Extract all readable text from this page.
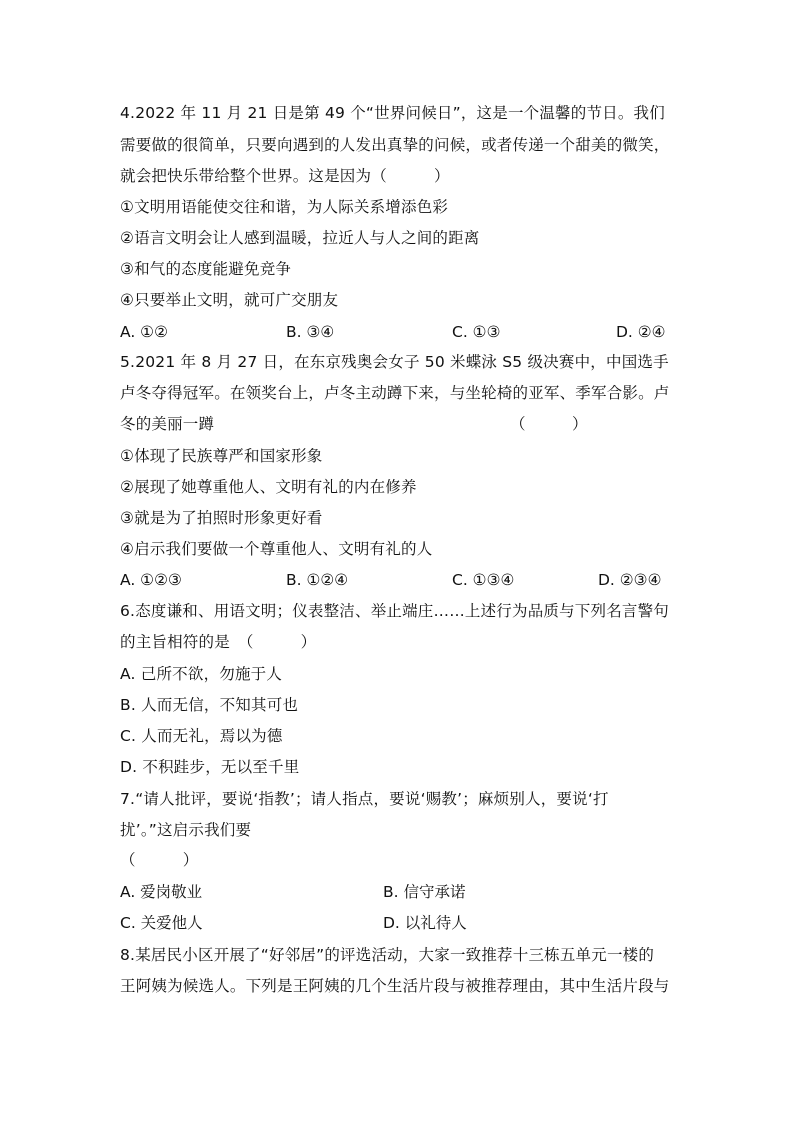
4.2022 年 11 月 21 日是第 49 个“世界问候日”，这是一个温馨的节日。我们
需要做的很简单，只要向遇到的人发出真挚的问候，或者传递一个甜美的微笑，
就会把快乐带给整个世界。这是因为（　　　）
①文明用语能使交往和谐，为人际关系增添色彩
②语言文明会让人感到温暖，拉近人与人之间的距离
③和气的态度能避免竞争
④只要举止文明，就可广交朋友
A. ①②	B. ③④	C. ①③	D. ②④
5.2021 年 8 月 27 日，在东京残奥会女子 50 米蝶泳 S5 级决赛中，中国选手
卢冬夺得冠军。在领奖台上，卢冬主动蹲下来，与坐轮椅的亚军、季军合影。卢
冬的美丽一蹲	（　　　）
①体现了民族尊严和国家形象
②展现了她尊重他人、文明有礼的内在修养
③就是为了拍照时形象更好看
④启示我们要做一个尊重他人、文明有礼的人
A. ①②③	B. ①②④	C. ①③④	D. ②③④
6.态度谦和、用语文明；仪表整洁、举止端庄……上述行为品质与下列名言警句
的主旨相符的是　（　　　）
A. 己所不欲，勿施于人
B. 人而无信，不知其可也
C. 人而无礼，焉以为德
D. 不积跬步，无以至千里
7.“请人批评，要说‘指教’；请人指点，要说‘赐教’；麻烦别人，要说‘打
扰’。”这启示我们要
（　　　）
A. 爱岗敬业	B. 信守承诺
C. 关爱他人	D. 以礼待人
8.某居民小区开展了“好邻居”的评选活动，大家一致推荐十三栋五单元一楼的
王阿姨为候选人。下列是王阿姨的几个生活片段与被推荐理由，其中生活片段与
